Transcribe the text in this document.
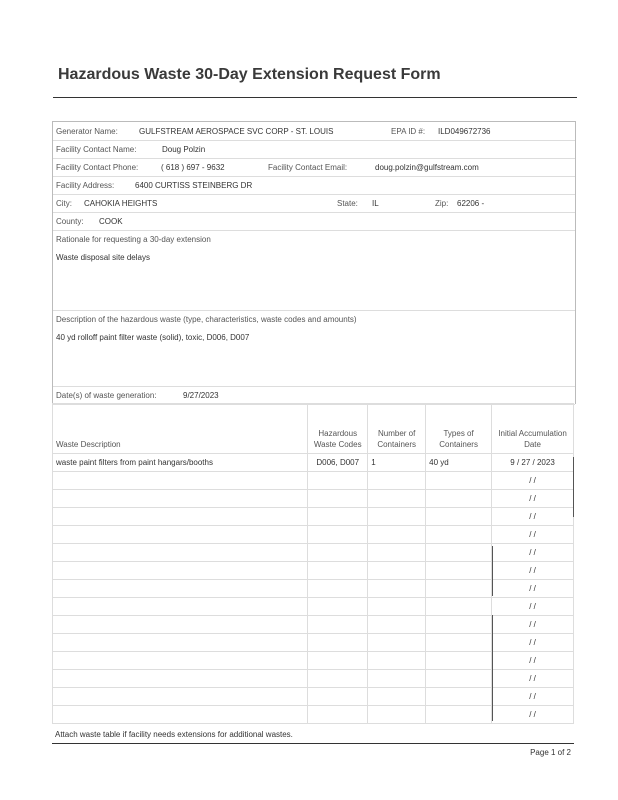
Hazardous Waste 30-Day Extension Request Form
Generator Name:	GULFSTREAM AEROSPACE SVC CORP - ST. LOUIS	EPA ID #: ILD049672736
Facility Contact Name:	Doug Polzin
Facility Contact Phone:	( 618 ) 697 - 9632	Facility Contact Email:	doug.polzin@gulfstream.com
Facility Address:	6400 CURTISS STEINBERG DR
City: CAHOKIA HEIGHTS	State: IL	Zip: 62206 -
County: COOK
Rationale for requesting a 30-day extension
Waste disposal site delays
Description of the hazardous waste (type, characteristics, waste codes and amounts)
40 yd rolloff paint filter waste (solid), toxic, D006, D007
Date(s) of waste generation:	9/27/2023
Waste Description	Hazardous Waste Codes	Number of Containers	Types of Containers	Initial Accumulation Date
waste paint filters from paint hangars/booths	D006, D007	1	40 yd	9 / 27 / 2023
				/ /
				/ /
				/ /
				/ /
				/ /
				/ /
				/ /
				/ /
				/ /
				/ /
				/ /
				/ /
				/ /
				/ /
Attach waste table if facility needs extensions for additional wastes.
Page 1 of 2
